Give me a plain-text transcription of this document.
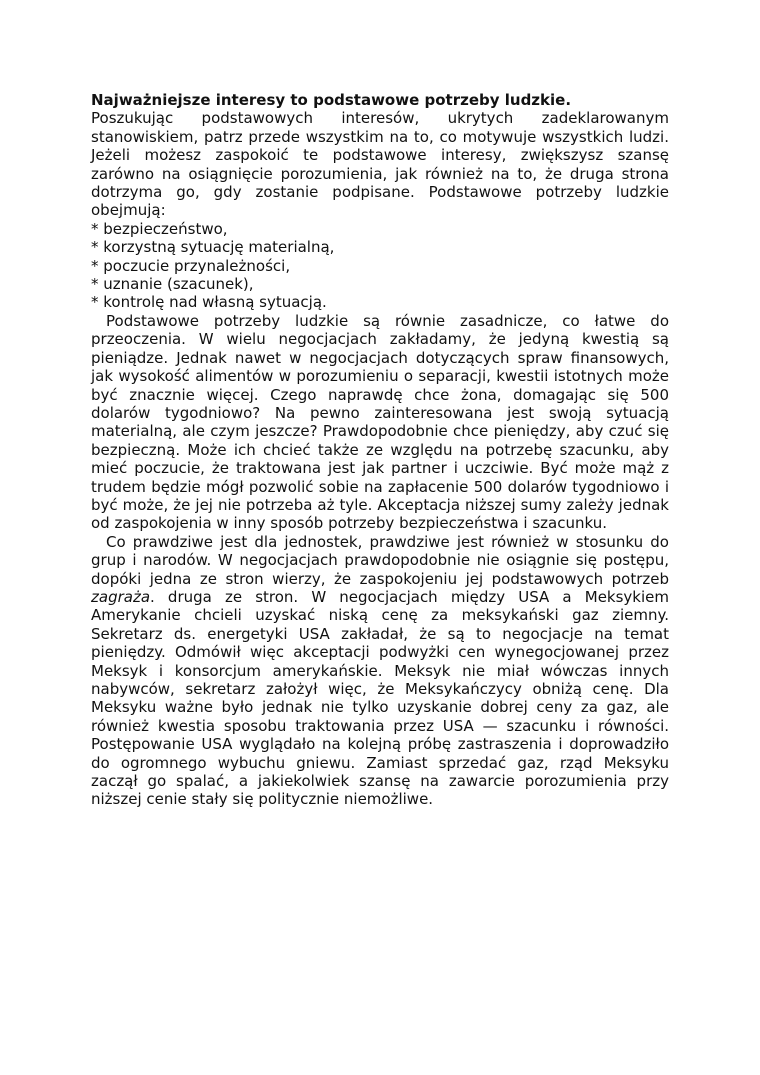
Najważniejsze interesy to podstawowe potrzeby ludzkie.

Poszukując podstawowych interesów, ukrytych zadeklarowanym stanowiskiem, patrz przede wszystkim na to, co motywuje wszystkich ludzi. Jeżeli możesz zaspokoić te podstawowe interesy, zwiększysz szansę zarówno na osiągnięcie porozumienia, jak również na to, że druga strona dotrzyma go, gdy zostanie podpisane. Podstawowe potrzeby ludzkie obejmują:

* bezpieczeństwo,
* korzystną sytuację materialną,
* poczucie przynależności,
* uznanie (szacunek),
* kontrolę nad własną sytuacją.

Podstawowe potrzeby ludzkie są równie zasadnicze, co łatwe do przeoczenia. W wielu negocjacjach zakładamy, że jedyną kwestią są pieniądze. Jednak nawet w negocjacjach dotyczących spraw finansowych, jak wysokość alimentów w porozumieniu o separacji, kwestii istotnych może być znacznie więcej. Czego naprawdę chce żona, domagając się 500 dolarów tygodniowo? Na pewno zainteresowana jest swoją sytuacją materialną, ale czym jeszcze? Prawdopodobnie chce pieniędzy, aby czuć się bezpieczną. Może ich chcieć także ze względu na potrzebę szacunku, aby mieć poczucie, że traktowana jest jak partner i uczciwie. Być może mąż z trudem będzie mógł pozwolić sobie na zapłacenie 500 dolarów tygodniowo i być może, że jej nie potrzeba aż tyle. Akceptacja niższej sumy zależy jednak od zaspokojenia w inny sposób potrzeby bezpieczeństwa i szacunku.

Co prawdziwe jest dla jednostek, prawdziwe jest również w stosunku do grup i narodów. W negocjacjach prawdopodobnie nie osiągnie się postępu, dopóki jedna ze stron wierzy, że zaspokojeniu jej podstawowych potrzeb zagraża. druga ze stron. W negocjacjach między USA a Meksykiem Amerykanie chcieli uzyskać niską cenę za meksykański gaz ziemny. Sekretarz ds. energetyki USA zakładał, że są to negocjacje na temat pieniędzy. Odmówił więc akceptacji podwyżki cen wynegocjowanej przez Meksyk i konsorcjum amerykańskie. Meksyk nie miał wówczas innych nabywców, sekretarz założył więc, że Meksykańczycy obniżą cenę. Dla Meksyku ważne było jednak nie tylko uzyskanie dobrej ceny za gaz, ale również kwestia sposobu traktowania przez USA — szacunku i równości. Postępowanie USA wyglądało na kolejną próbę zastraszenia i doprowadziło do ogromnego wybuchu gniewu. Zamiast sprzedać gaz, rząd Meksyku zaczął go spalać, a jakiekolwiek szansę na zawarcie porozumienia przy niższej cenie stały się politycznie niemożliwe.
